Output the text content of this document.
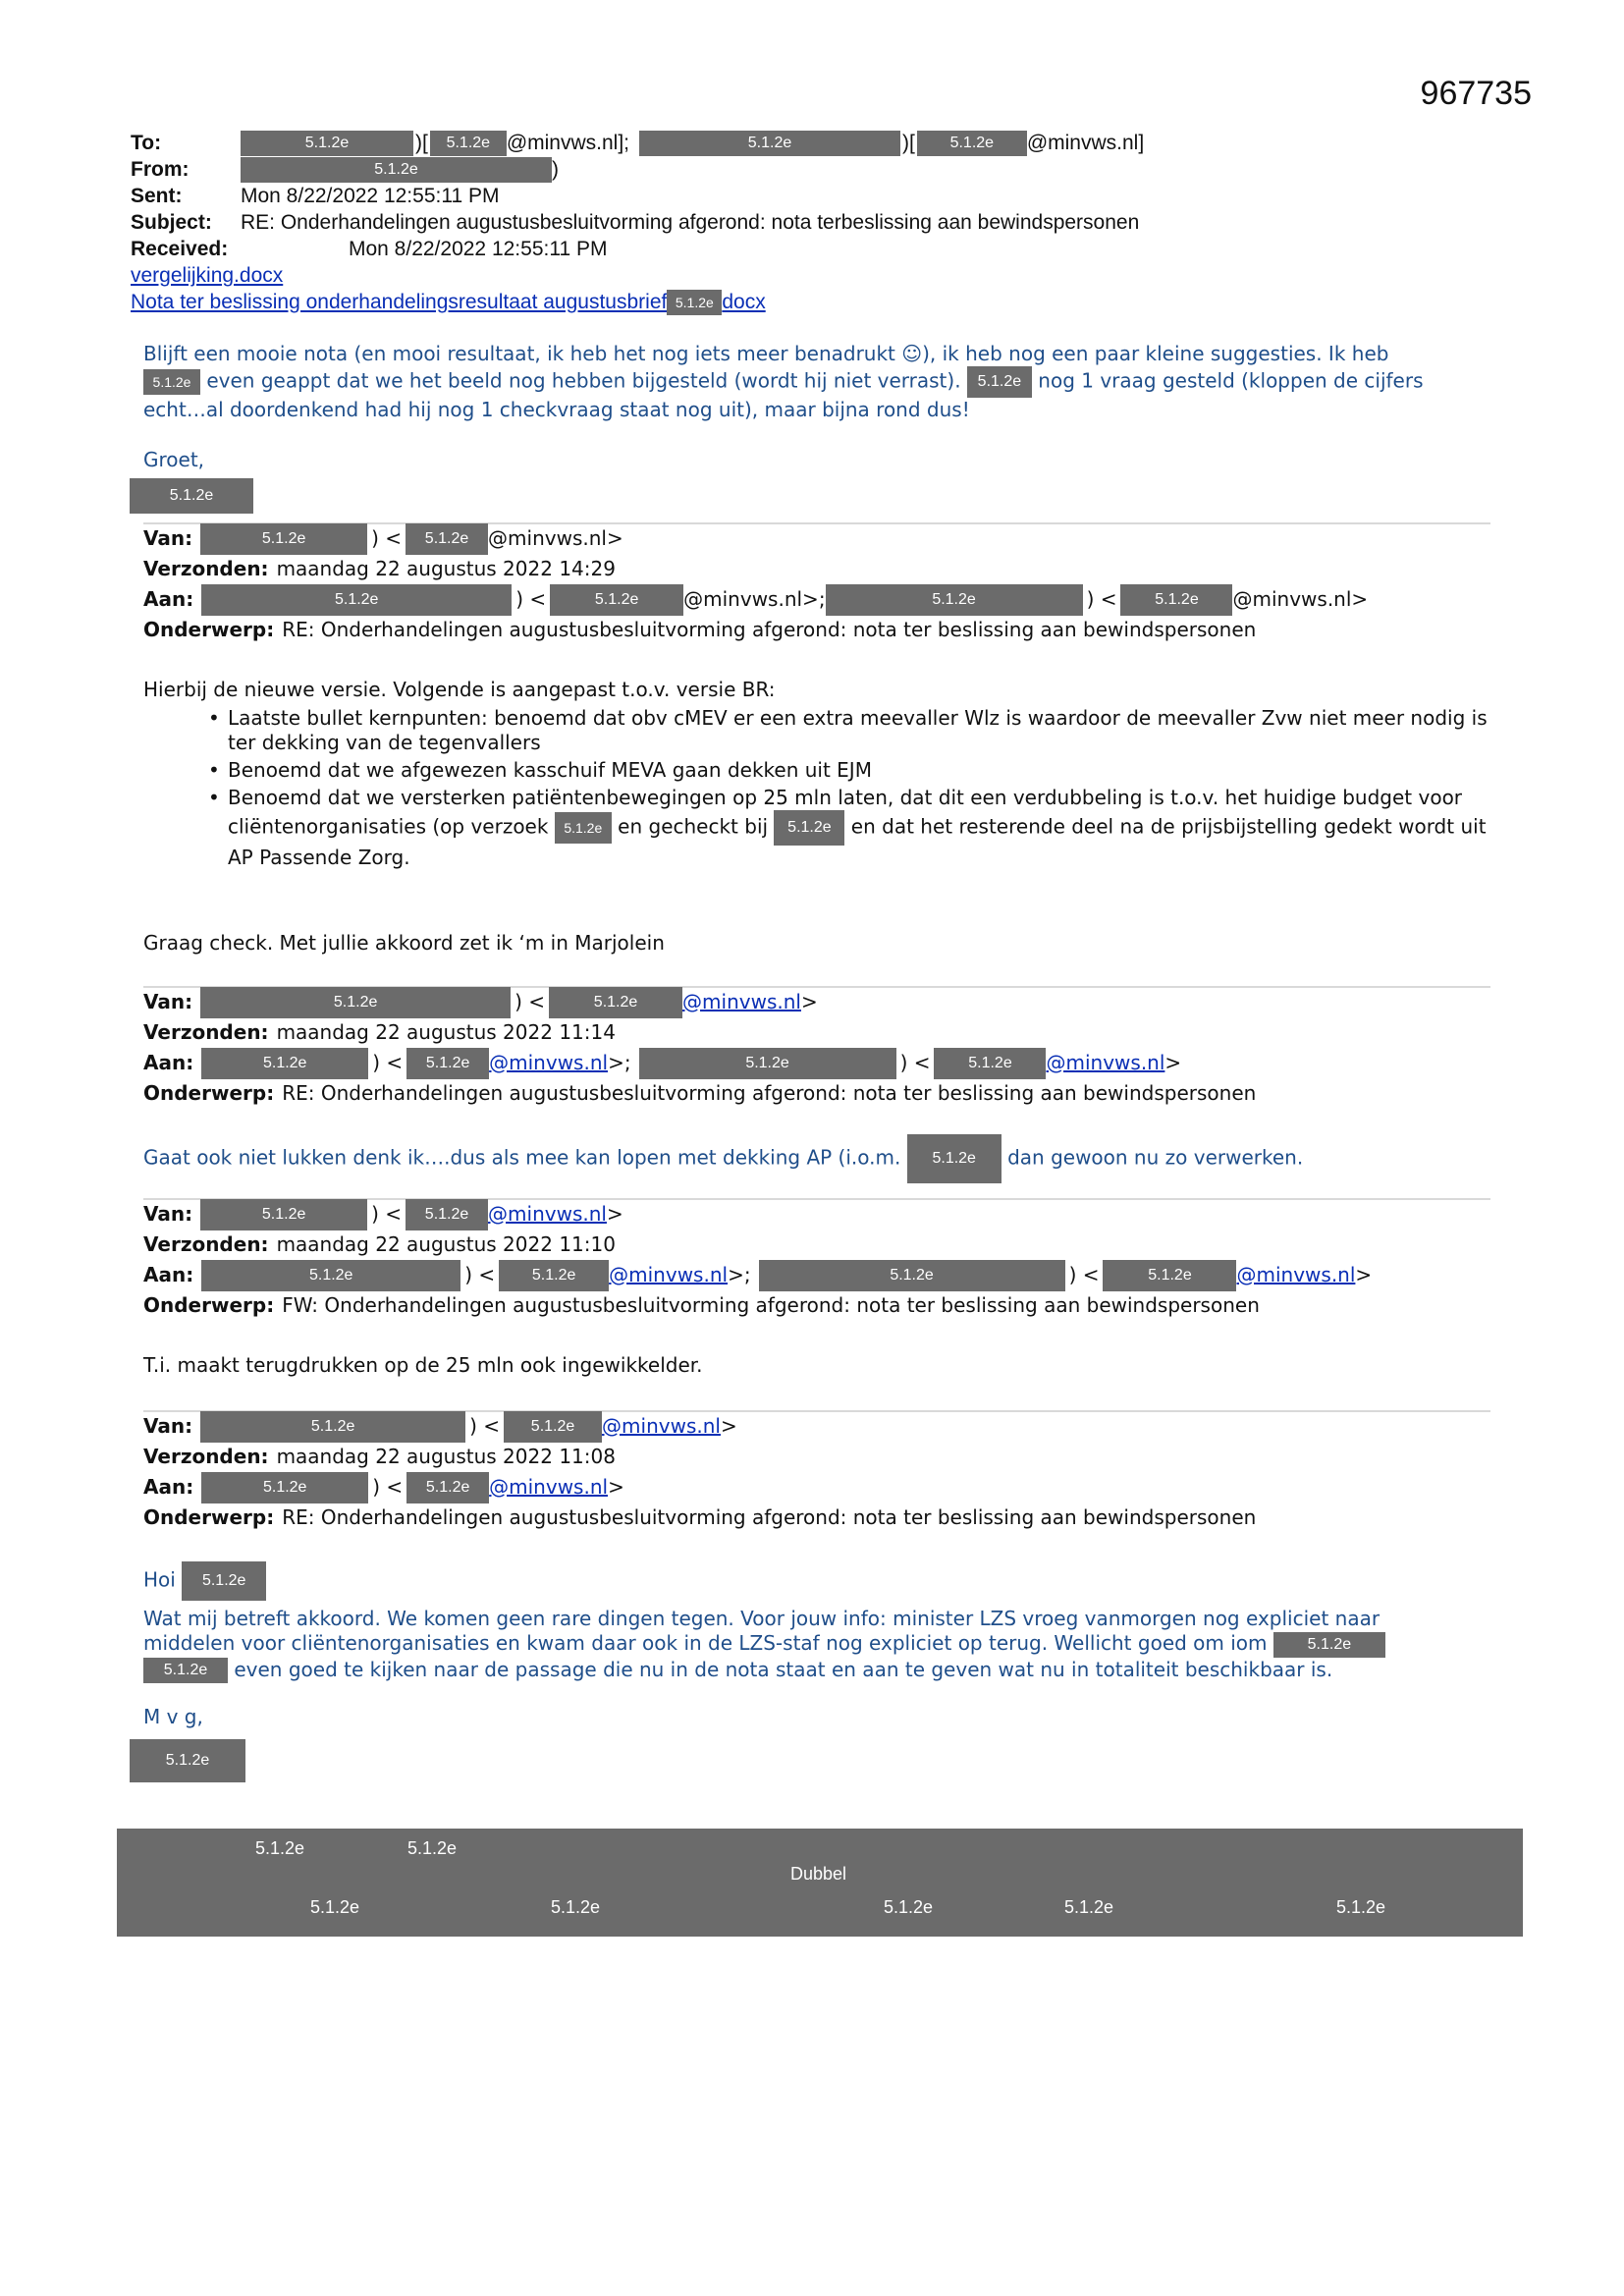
967735
To:	5.1.2e	)[	5.1.2e @minvws.nl];	5.1.2e	)[	5.1.2e	@minvws.nl]
From:	5.1.2e	)
Sent:	Mon 8/22/2022 12:55:11 PM
Subject:	RE: Onderhandelingen augustusbesluitvorming afgerond: nota terbeslissing aan bewindspersonen
Received:	Mon 8/22/2022 12:55:11 PM
vergelijking.docx
Nota ter beslissing onderhandelingsresultaat augustusbrief 5.1.2e docx
Blijft een mooie nota (en mooi resultaat, ik heb het nog iets meer benadrukt ☺), ik heb nog een paar kleine suggesties. Ik heb
5.1.2e even geappt dat we het beeld nog hebben bijgesteld (wordt hij niet verrast). 5.1.2e nog 1 vraag gesteld (kloppen de cijfers
echt…al doordenkend had hij nog 1 checkvraag staat nog uit), maar bijna rond dus!
Groet,
5.1.2e
Van:	5.1.2e	) <	5.1.2e @minvws.nl>
Verzonden: maandag 22 augustus 2022 14:29
Aan:	5.1.2e	) <	5.1.2e	@minvws.nl>;	5.1.2e	) <	5.1.2e	@minvws.nl>
Onderwerp: RE: Onderhandelingen augustusbesluitvorming afgerond: nota ter beslissing aan bewindspersonen
Hierbij de nieuwe versie. Volgende is aangepast t.o.v. versie BR:
• Laatste bullet kernpunten: benoemd dat obv cMEV er een extra meevaller Wlz is waardoor de meevaller Zvw niet meer nodig is ter dekking van de tegenvallers
• Benoemd dat we afgewezen kasschuif MEVA gaan dekken uit EJM
• Benoemd dat we versterken patiëntenbewegingen op 25 mln laten, dat dit een verdubbeling is t.o.v. het huidige budget voor cliëntenorganisaties (op verzoek 5.1.2e en gecheckt bij 5.1.2e en dat het resterende deel na de prijsbijstelling gedekt wordt uit AP Passende Zorg.
Graag check. Met jullie akkoord zet ik ‘m in Marjolein
Van:	5.1.2e	) <	5.1.2e	@minvws.nl >
Verzonden: maandag 22 augustus 2022 11:14
Aan:	5.1.2e	) <	5.1.2e @minvws.nl >;	5.1.2e	) <	5.1.2e	@minvws.nl >
Onderwerp: RE: Onderhandelingen augustusbesluitvorming afgerond: nota ter beslissing aan bewindspersonen
Gaat ook niet lukken denk ik….dus als mee kan lopen met dekking AP (i.o.m. 5.1.2e dan gewoon nu zo verwerken.
Van:	5.1.2e	) <	5.1.2e @minvws.nl >
Verzonden: maandag 22 augustus 2022 11:10
Aan:	5.1.2e	) <	5.1.2e	@minvws.nl >;	5.1.2e	) <	5.1.2e	@minvws.nl >
Onderwerp: FW: Onderhandelingen augustusbesluitvorming afgerond: nota ter beslissing aan bewindspersonen
T.i. maakt terugdrukken op de 25 mln ook ingewikkelder.
Van:	5.1.2e	) <	5.1.2e	@minvws.nl >
Verzonden: maandag 22 augustus 2022 11:08
Aan:	5.1.2e	) <	5.1.2e @minvws.nl >
Onderwerp: RE: Onderhandelingen augustusbesluitvorming afgerond: nota ter beslissing aan bewindspersonen
Hoi 5.1.2e
Wat mij betreft akkoord. We komen geen rare dingen tegen. Voor jouw info: minister LZS vroeg vanmorgen nog expliciet naar
middelen voor cliëntenorganisaties en kwam daar ook in de LZS-staf nog expliciet op terug. Wellicht goed om iom	5.1.2e
5.1.2e even goed te kijken naar de passage die nu in de nota staat en aan te geven wat nu in totaliteit beschikbaar is.
M v g,
5.1.2e
5.1.2e	5.1.2e
Dubbel
5.1.2e	5.1.2e	5.1.2e	5.1.2e	5.1.2e
